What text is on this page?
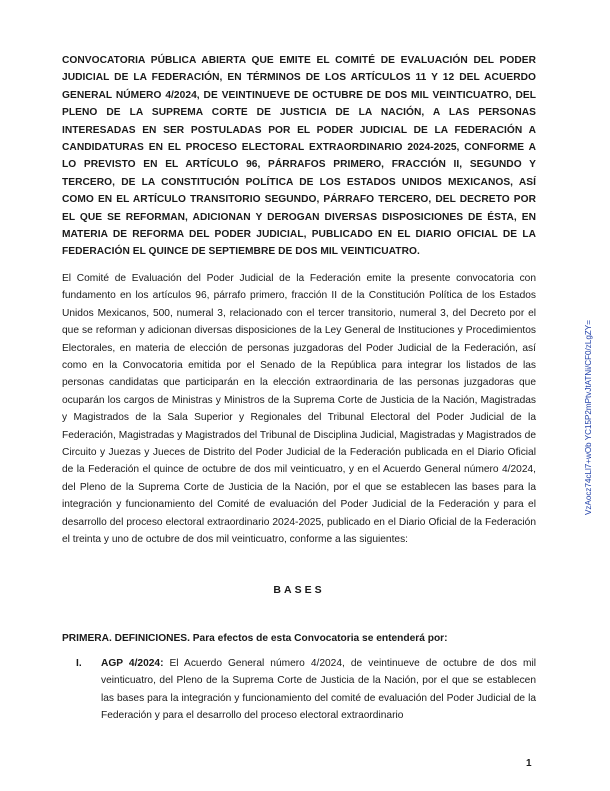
CONVOCATORIA PÚBLICA ABIERTA QUE EMITE EL COMITÉ DE EVALUACIÓN DEL PODER JUDICIAL DE LA FEDERACIÓN, EN TÉRMINOS DE LOS ARTÍCULOS 11 Y 12 DEL ACUERDO GENERAL NÚMERO 4/2024, DE VEINTINUEVE DE OCTUBRE DE DOS MIL VEINTICUATRO, DEL PLENO DE LA SUPREMA CORTE DE JUSTICIA DE LA NACIÓN, A LAS PERSONAS INTERESADAS EN SER POSTULADAS POR EL PODER JUDICIAL DE LA FEDERACIÓN A CANDIDATURAS EN EL PROCESO ELECTORAL EXTRAORDINARIO 2024-2025, CONFORME A LO PREVISTO EN EL ARTÍCULO 96, PÁRRAFOS PRIMERO, FRACCIÓN II, SEGUNDO Y TERCERO, DE LA CONSTITUCIÓN POLÍTICA DE LOS ESTADOS UNIDOS MEXICANOS, ASÍ COMO EN EL ARTÍCULO TRANSITORIO SEGUNDO, PÁRRAFO TERCERO, DEL DECRETO POR EL QUE SE REFORMAN, ADICIONAN Y DEROGAN DIVERSAS DISPOSICIONES DE ÉSTA, EN MATERIA DE REFORMA DEL PODER JUDICIAL, PUBLICADO EN EL DIARIO OFICIAL DE LA FEDERACIÓN EL QUINCE DE SEPTIEMBRE DE DOS MIL VEINTICUATRO.

El Comité de Evaluación del Poder Judicial de la Federación emite la presente convocatoria con fundamento en los artículos 96, párrafo primero, fracción II de la Constitución Política de los Estados Unidos Mexicanos, 500, numeral 3, relacionado con el tercer transitorio, numeral 3, del Decreto por el que se reforman y adicionan diversas disposiciones de la Ley General de Instituciones y Procedimientos Electorales, en materia de elección de personas juzgadoras del Poder Judicial de la Federación, así como en la Convocatoria emitida por el Senado de la República para integrar los listados de las personas candidatas que participarán en la elección extraordinaria de las personas juzgadoras que ocuparán los cargos de Ministras y Ministros de la Suprema Corte de Justicia de la Nación, Magistradas y Magistrados de la Sala Superior y Regionales del Tribunal Electoral del Poder Judicial de la Federación, Magistradas y Magistrados del Tribunal de Disciplina Judicial, Magistradas y Magistrados de Circuito y Juezas y Jueces de Distrito del Poder Judicial de la Federación publicada en el Diario Oficial de la Federación el quince de octubre de dos mil veinticuatro, y en el Acuerdo General número 4/2024, del Pleno de la Suprema Corte de Justicia de la Nación, por el que se establecen las bases para la integración y funcionamiento del Comité de evaluación del Poder Judicial de la Federación y para el desarrollo del proceso electoral extraordinario 2024-2025, publicado en el Diario Oficial de la Federación el treinta y uno de octubre de dos mil veinticuatro, conforme a las siguientes:

BASES
PRIMERA. DEFINICIONES. Para efectos de esta Convocatoria se entenderá por:
I.	AGP 4/2024: El Acuerdo General número 4/2024, de veintinueve de octubre de dos mil veinticuatro, del Pleno de la Suprema Corte de Justicia de la Nación, por el que se establecen las bases para la integración y funcionamiento del comité de evaluación del Poder Judicial de la Federación y para el desarrollo del proceso electoral extraordinario
VzAocz74cLl7+wOb YC15P2mPtvJtATNi/CF0/zLgZY=
1
